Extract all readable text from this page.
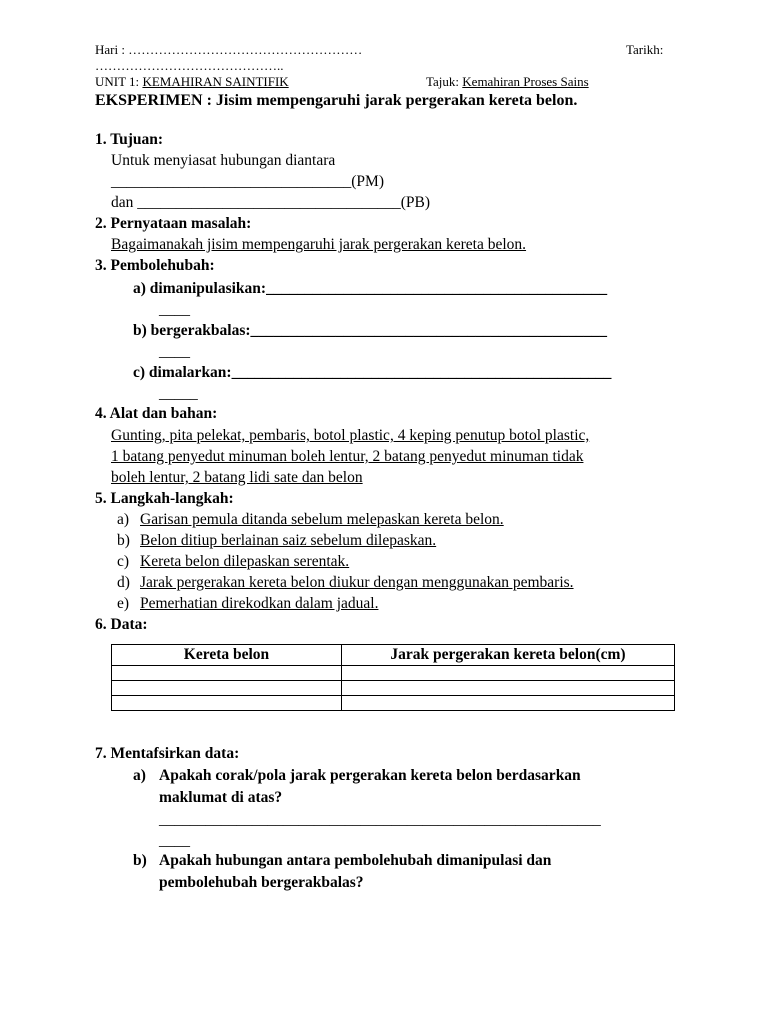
Hari : ………………………………………………	Tarikh:
……………………………………..
UNIT 1: KEMAHIRAN SAINTIFIK	Tajuk: Kemahiran Proses Sains
EKSPERIMEN : Jisim mempengaruhi jarak pergerakan kereta belon.
1. Tujuan:
Untuk menyiasat hubungan diantara
_______________________________(PM)
dan __________________________________(PB)
2. Pernyataan masalah:
Bagaimanakah jisim mempengaruhi jarak pergerakan kereta belon.
3. Pembolehubah:
a) dimanipulasikan:____________________________________________
____
b) bergerakbalas:______________________________________________
____
c) dimalarkan:_________________________________________________
_____
4. Alat dan bahan:
Gunting, pita pelekat, pembaris, botol plastic, 4 keping penutup botol plastic,
1 batang penyedut minuman boleh lentur, 2 batang penyedut minuman tidak
boleh lentur, 2 batang lidi sate dan belon
5. Langkah-langkah:
a) Garisan pemula ditanda sebelum melepaskan kereta belon.
b) Belon ditiup berlainan saiz sebelum dilepaskan.
c) Kereta belon dilepaskan serentak.
d) Jarak pergerakan kereta belon diukur dengan menggunakan pembaris.
e) Pemerhatian direkodkan dalam jadual.
6. Data:
Kereta belon	Jarak pergerakan kereta belon(cm)

7. Mentafsirkan data:
a) Apakah corak/pola jarak pergerakan kereta belon berdasarkan
maklumat di atas?
_________________________________________________________
____
b) Apakah hubungan antara pembolehubah dimanipulasi dan
pembolehubah bergerakbalas?
